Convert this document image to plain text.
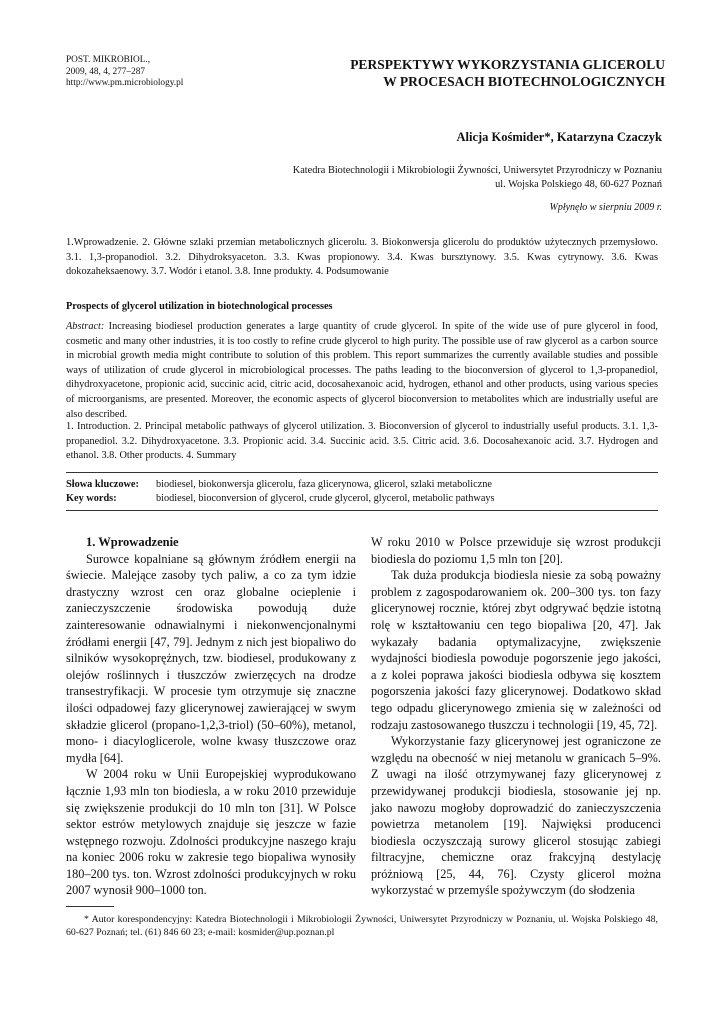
POST. MIKROBIOL.,
2009, 48, 4, 277–287
http://www.pm.microbiology.pl
PERSPEKTYWY WYKORZYSTANIA GLICEROLU
W PROCESACH BIOTECHNOLOGICZNYCH
Alicja Kośmider*, Katarzyna Czaczyk
Katedra Biotechnologii i Mikrobiologii Żywności, Uniwersytet Przyrodniczy w Poznaniu
ul. Wojska Polskiego 48, 60-627 Poznań
Wpłynęło w sierpniu 2009 r.
1.Wprowadzenie. 2. Główne szlaki przemian metabolicznych glicerolu. 3. Biokonwersja glicerolu do produktów użytecznych przemysłowo. 3.1. 1,3-propanodiol. 3.2. Dihydroksyaceton. 3.3. Kwas propionowy. 3.4. Kwas bursztynowy. 3.5. Kwas cytrynowy. 3.6. Kwas dokozaheksaenowy. 3.7. Wodór i etanol. 3.8. Inne produkty. 4. Podsumowanie
Prospects of glycerol utilization in biotechnological processes
Abstract: Increasing biodiesel production generates a large quantity of crude glycerol. In spite of the wide use of pure glycerol in food, cosmetic and many other industries, it is too costly to refine crude glycerol to high purity. The possible use of raw glycerol as a carbon source in microbial growth media might contribute to solution of this problem. This report summarizes the currently available studies and possible ways of utilization of crude glycerol in microbiological processes. The paths leading to the bioconversion of glycerol to 1,3-propanediol, dihydroxyacetone, propionic acid, succinic acid, citric acid, docosahexanoic acid, hydrogen, ethanol and other products, using various species of microorganisms, are presented. Moreover, the economic aspects of glycerol bioconversion to metabolites which are industrially useful are also described.
1. Introduction. 2. Principal metabolic pathways of glycerol utilization. 3. Bioconversion of glycerol to industrially useful products. 3.1. 1,3-propanediol. 3.2. Dihydroxyacetone. 3.3. Propionic acid. 3.4. Succinic acid. 3.5. Citric acid. 3.6. Docosahexanoic acid. 3.7. Hydrogen and ethanol. 3.8. Other products. 4. Summary
Słowa kluczowe:	biodiesel, biokonwersja glicerolu, faza glicerynowa, glicerol, szlaki metaboliczne
Key words:	biodiesel, bioconversion of glycerol, crude glycerol, glycerol, metabolic pathways

1. Wprowadzenie

Surowce kopalniane są głównym źródłem energii na świecie. Malejące zasoby tych paliw, a co za tym idzie drastyczny wzrost cen oraz globalne ocieplenie i zanieczyszczenie środowiska powodują duże zainteresowanie odnawialnymi i niekonwencjonalnymi źródłami energii [47, 79]. Jednym z nich jest biopaliwo do silników wysokoprężnych, tzw. biodiesel, produkowany z olejów roślinnych i tłuszczów zwierzęcych na drodze transestryfikacji. W procesie tym otrzymuje się znaczne ilości odpadowej fazy glicerynowej zawierającej w swym składzie glicerol (propano-1,2,3-triol) (50–60%), metanol, mono- i diacyloglicerole, wolne kwasy tłuszczowe oraz mydła [64].

W 2004 roku w Unii Europejskiej wyprodukowano łącznie 1,93 mln ton biodiesla, a w roku 2010 przewiduje się zwiększenie produkcji do 10 mln ton [31]. W Polsce sektor estrów metylowych znajduje się jeszcze w fazie wstępnego rozwoju. Zdolności produkcyjne naszego kraju na koniec 2006 roku w zakresie tego biopaliwa wynosiły 180–200 tys. ton. Wzrost zdolności produkcyjnych w roku 2007 wynosił 900–1000 ton.

W roku 2010 w Polsce przewiduje się wzrost produkcji biodiesla do poziomu 1,5 mln ton [20].

Tak duża produkcja biodiesla niesie za sobą poważny problem z zagospodarowaniem ok. 200–300 tys. ton fazy glicerynowej rocznie, której zbyt odgrywać będzie istotną rolę w kształtowaniu cen tego biopaliwa [20, 47]. Jak wykazały badania optymalizacyjne, zwiększenie wydajności biodiesla powoduje pogorszenie jego jakości, a z kolei poprawa jakości biodiesla odbywa się kosztem pogorszenia jakości fazy glicerynowej. Dodatkowo skład tego odpadu glicerynowego zmienia się w zależności od rodzaju zastosowanego tłuszczu i technologii [19, 45, 72].

Wykorzystanie fazy glicerynowej jest ograniczone ze względu na obecność w niej metanolu w granicach 5–9%. Z uwagi na ilość otrzymywanej fazy glicerynowej z przewidywanej produkcji biodiesla, stosowanie jej np. jako nawozu mogłoby doprowadzić do zanieczyszczenia powietrza metanolem [19]. Najwięksi producenci biodiesla oczyszczają surowy glicerol stosując zabiegi filtracyjne, chemiczne oraz frakcyjną destylację próżniową [25, 44, 76]. Czysty glicerol można wykorzystać w przemyśle spożywczym (do słodzenia

* Autor korespondencyjny: Katedra Biotechnologii i Mikrobiologii Żywności, Uniwersytet Przyrodniczy w Poznaniu, ul. Wojska Polskiego 48, 60-627 Poznań; tel. (61) 846 60 23; e-mail: kosmider@up.poznan.pl
